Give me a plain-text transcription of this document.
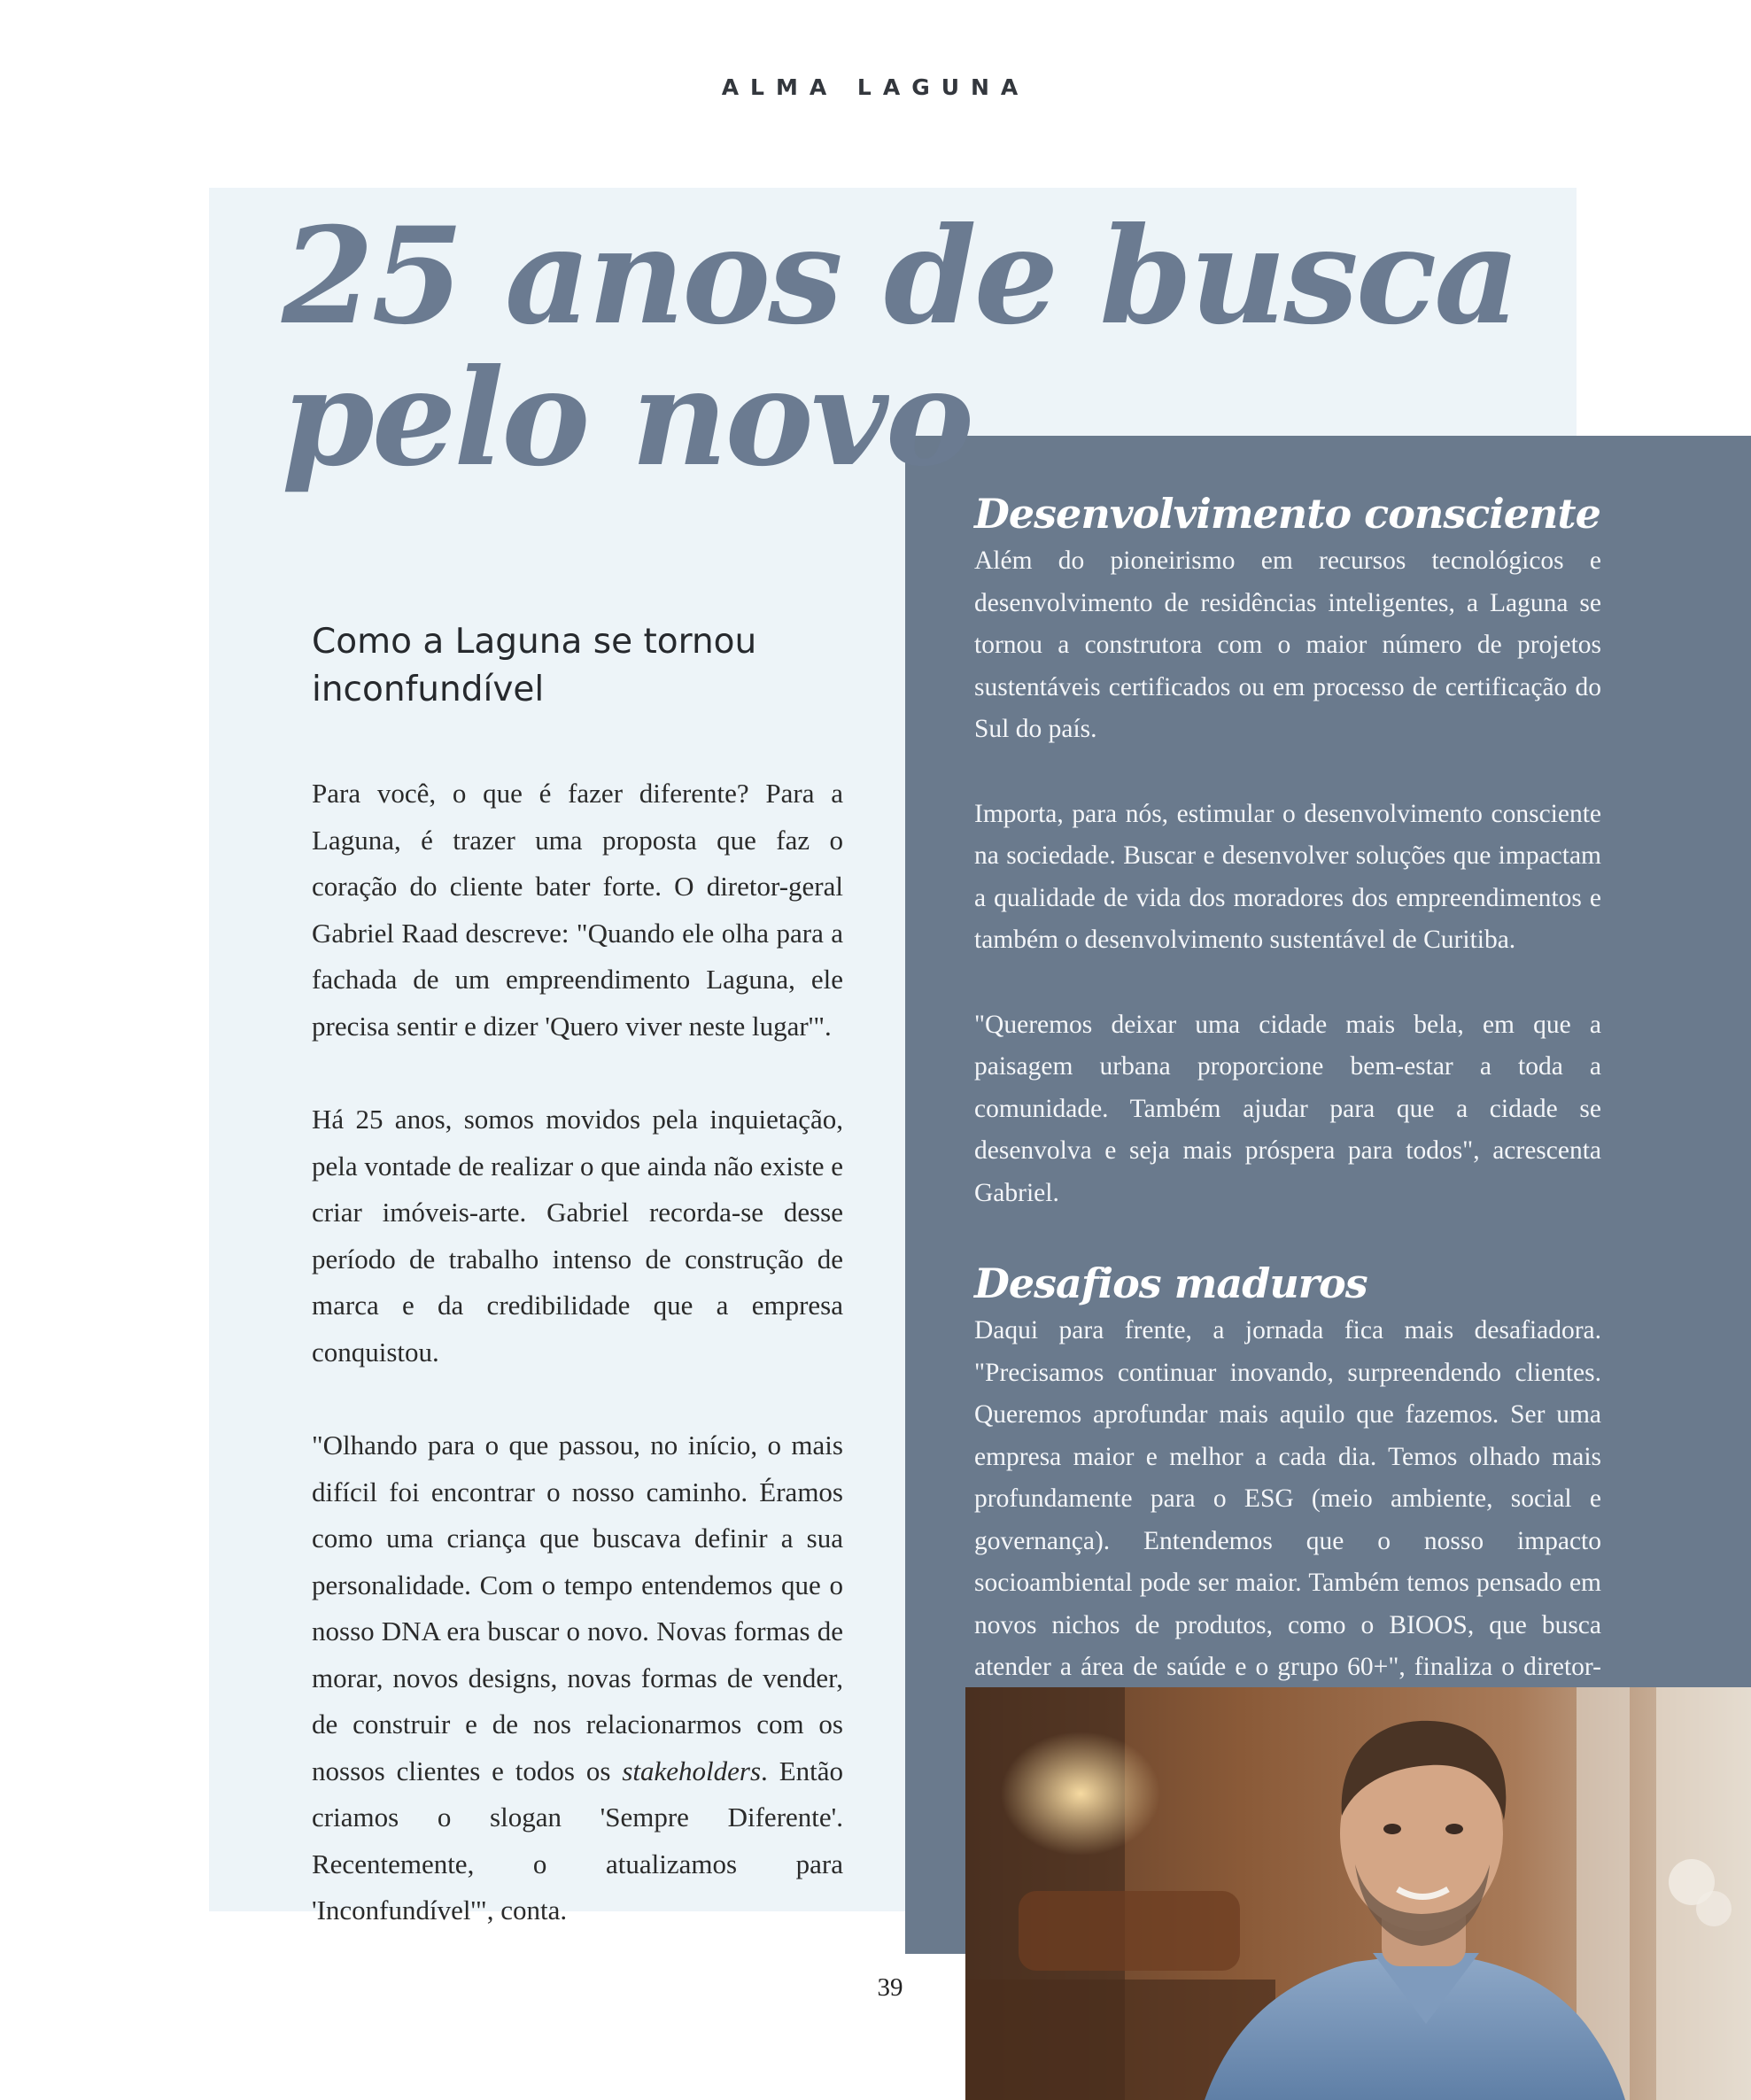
ALMA LAGUNA
25 anos de busca
pelo novo
Como a Laguna se tornou inconfundível

Para você, o que é fazer diferente? Para a Laguna, é trazer uma proposta que faz o coração do cliente bater forte. O diretor-geral Gabriel Raad descreve: "Quando ele olha para a fachada de um empreendimento Laguna, ele precisa sentir e dizer 'Quero viver neste lugar'".

Há 25 anos, somos movidos pela inquietação, pela vontade de realizar o que ainda não existe e criar imóveis-arte. Gabriel recorda-se desse período de trabalho intenso de construção de marca e da credibilidade que a empresa conquistou.

"Olhando para o que passou, no início, o mais difícil foi encontrar o nosso caminho. Éramos como uma criança que buscava definir a sua personalidade. Com o tempo entendemos que o nosso DNA era buscar o novo. Novas formas de morar, novos designs, novas formas de vender, de construir e de nos relacionarmos com os nossos clientes e todos os stakeholders. Então criamos o slogan 'Sempre Diferente'. Recentemente, o atualizamos para 'Inconfundível'", conta.

Desenvolvimento consciente

Além do pioneirismo em recursos tecnológicos e desenvolvimento de residências inteligentes, a Laguna se tornou a construtora com o maior número de projetos sustentáveis certificados ou em processo de certificação do Sul do país.

Importa, para nós, estimular o desenvolvimento consciente na sociedade. Buscar e desenvolver soluções que impactam a qualidade de vida dos moradores dos empreendimentos e também o desenvolvimento sustentável de Curitiba.

"Queremos deixar uma cidade mais bela, em que a paisagem urbana proporcione bem-estar a toda a comunidade. Também ajudar para que a cidade se desenvolva e seja mais próspera para todos", acrescenta Gabriel.

Desafios maduros

Daqui para frente, a jornada fica mais desafiadora. "Precisamos continuar inovando, surpreendendo clientes. Queremos aprofundar mais aquilo que fazemos. Ser uma empresa maior e melhor a cada dia. Temos olhado mais profundamente para o ESG (meio ambiente, social e governança). Entendemos que o nosso impacto socioambiental pode ser maior. Também temos pensado em novos nichos de produtos, como o BIOOS, que busca atender a área de saúde e o grupo 60+", finaliza o diretor-

39
